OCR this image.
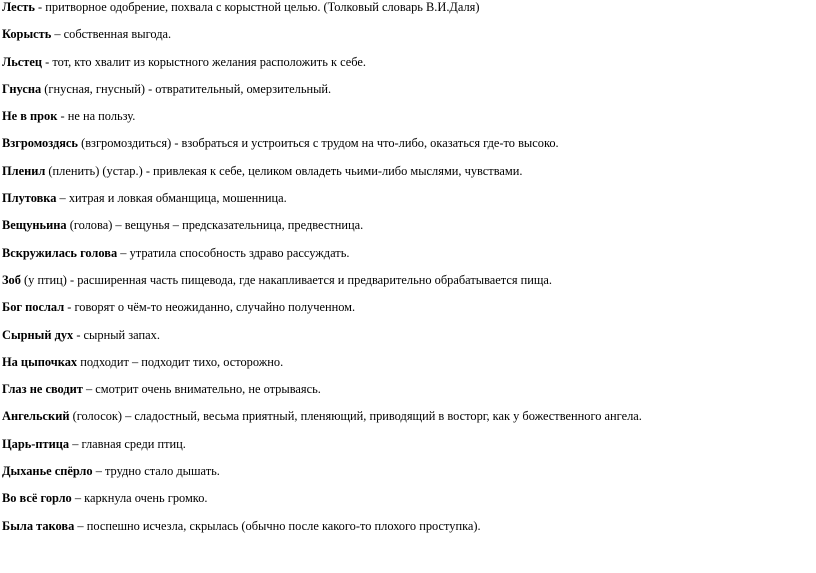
Лесть - притворное одобрение, похвала с корыстной целью. (Толковый словарь В.И.Даля)
Корысть – собственная выгода.
Льстец - тот, кто хвалит из корыстного желания расположить к себе.
Гнусна (гнусная, гнусный) - отвратительный, омерзительный.
Не в прок - не на пользу.
Взгромоздясь (взгромоздиться) - взобраться и устроиться с трудом на что-либо, оказаться где-то высоко.
Пленил (пленить) (устар.) - привлекая к себе, целиком овладеть чьими-либо мыслями, чувствами.
Плутовка – хитрая и ловкая обманщица, мошенница.
Вещуньина (голова) – вещунья – предсказательница, предвестница.
Вскружилась голова – утратила способность здраво рассуждать.
Зоб (у птиц) - расширенная часть пищевода, где накапливается и предварительно обрабатывается пища.
Бог послал - говорят о чём-то неожиданно, случайно полученном.
Сырный дух - сырный запах.
На цыпочках подходит – подходит тихо, осторожно.
Глаз не сводит – смотрит очень внимательно, не отрываясь.
Ангельский (голосок) – сладостный, весьма приятный, пленяющий, приводящий в восторг, как у божественного ангела.
Царь-птица – главная среди птиц.
Дыханье спёрло – трудно стало дышать.
Во всё горло – каркнула очень громко.
Была такова – поспешно исчезла, скрылась (обычно после какого-то плохого проступка).
